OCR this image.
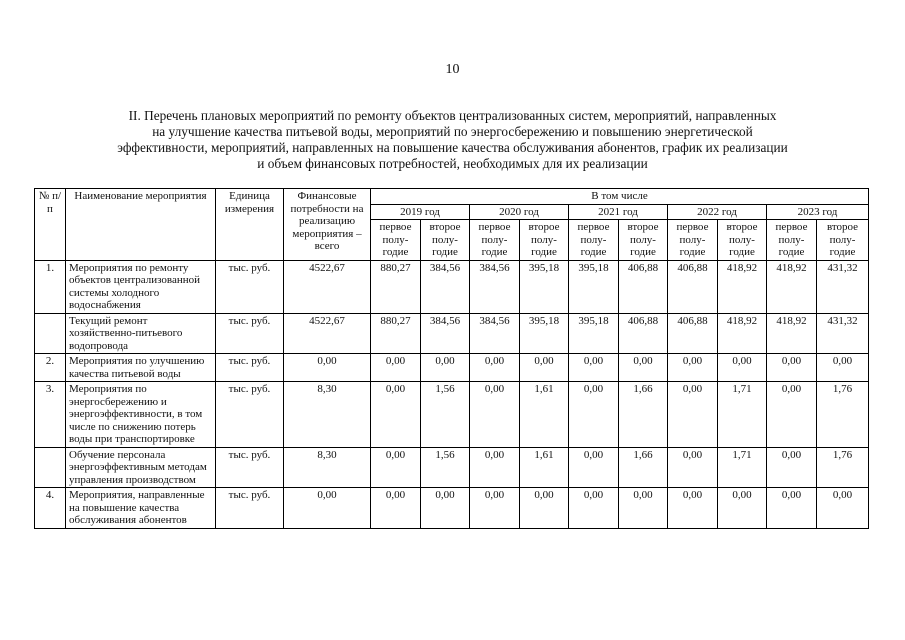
10
II. Перечень плановых мероприятий по ремонту объектов централизованных систем, мероприятий, направленных
на улучшение качества питьевой воды, мероприятий по энергосбережению и повышению энергетической
эффективности, мероприятий, направленных на повышение качества обслуживания абонентов, график их реализации
и объем финансовых потребностей, необходимых для их реализации
№ п/п	Наименование мероприятия	Единица измерения	Финансовые потребности на реализацию мероприятия – всего	В том числе									
				2019 год		2020 год		2021 год		2022 год		2023 год	
				первое полу-годие	второе полу-годие	первое полу-годие	второе полу-годие	первое полу-годие	второе полу-годие	первое полу-годие	второе полу-годие	первое полу-годие	второе полу-годие
1.	Мероприятия по ремонту объектов централизованной системы холодного водоснабжения	тыс. руб.	4522,67	880,27	384,56	384,56	395,18	395,18	406,88	406,88	418,92	418,92	431,32
	Текущий ремонт хозяйственно-питьевого водопровода	тыс. руб.	4522,67	880,27	384,56	384,56	395,18	395,18	406,88	406,88	418,92	418,92	431,32
2.	Мероприятия по улучшению качества питьевой воды	тыс. руб.	0,00	0,00	0,00	0,00	0,00	0,00	0,00	0,00	0,00	0,00	0,00
3.	Мероприятия по энергосбережению и энергоэффективности, в том числе по снижению потерь воды при транспортировке	тыс. руб.	8,30	0,00	1,56	0,00	1,61	0,00	1,66	0,00	1,71	0,00	1,76
	Обучение персонала энергоэффективным методам управления производством	тыс. руб.	8,30	0,00	1,56	0,00	1,61	0,00	1,66	0,00	1,71	0,00	1,76
4.	Мероприятия, направленные на повышение качества обслуживания абонентов	тыс. руб.	0,00	0,00	0,00	0,00	0,00	0,00	0,00	0,00	0,00	0,00	0,00
